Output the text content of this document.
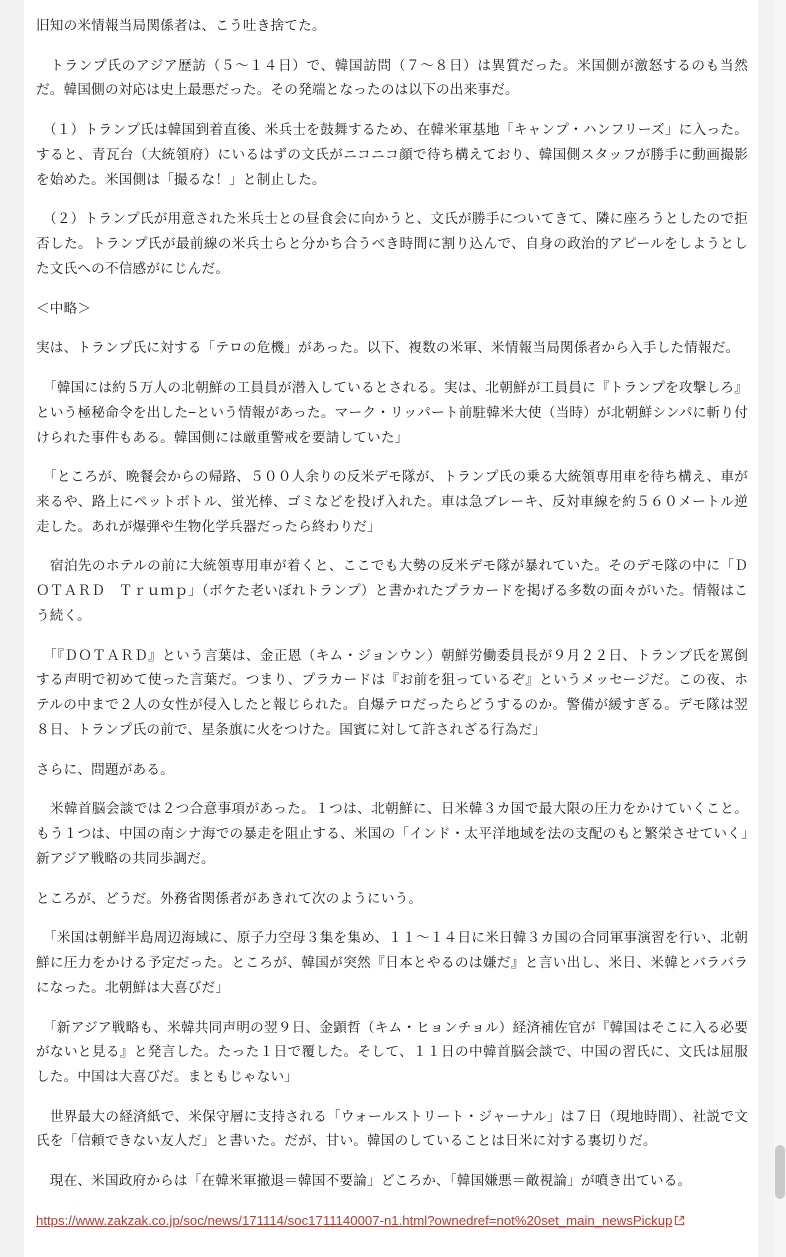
旧知の米情報当局関係者は、こう吐き捨てた。

　トランプ氏のアジア歴訪（５〜１４日）で、韓国訪問（７〜８日）は異質だった。米国側が激怒するのも当然だ。韓国側の対応は史上最悪だった。その発端となったのは以下の出来事だ。

　（１）トランプ氏は韓国到着直後、米兵士を鼓舞するため、在韓米軍基地「キャンプ・ハンフリーズ」に入った。すると、青瓦台（大統領府）にいるはずの文氏がニコニコ顔で待ち構えており、韓国側スタッフが勝手に動画撮影を始めた。米国側は「撮るな！」と制止した。

　（２）トランプ氏が用意された米兵士との昼食会に向かうと、文氏が勝手についてきて、隣に座ろうとしたので拒否した。トランプ氏が最前線の米兵士らと分かち合うべき時間に割り込んで、自身の政治的アピールをしようとした文氏への不信感がにじんだ。

＜中略＞

実は、トランプ氏に対する「テロの危機」があった。以下、複数の米軍、米情報当局関係者から入手した情報だ。

　「韓国には約５万人の北朝鮮の工員員が潜入しているとされる。実は、北朝鮮が工員員に『トランプを攻撃しろ』という極秘命令を出した−という情報があった。マーク・リッパート前駐韓米大使（当時）が北朝鮮シンパに斬り付けられた事件もある。韓国側には厳重警戒を要請していた」

　「ところが、晩餐会からの帰路、５００人余りの反米デモ隊が、トランプ氏の乗る大統領専用車を待ち構え、車が来るや、路上にペットボトル、蛍光棒、ゴミなどを投げ入れた。車は急ブレーキ、反対車線を約５６０メートル逆走した。あれが爆弾や生物化学兵器だったら終わりだ」

　宿泊先のホテルの前に大統領専用車が着くと、ここでも大勢の反米デモ隊が暴れていた。そのデモ隊の中に「ＤＯＴＡＲＤ　Ｔｒｕｍｐ」（ボケた老いぼれトランプ）と書かれたプラカードを掲げる多数の面々がいた。情報はこう続く。

　「『ＤＯＴＡＲＤ』という言葉は、金正恩（キム・ジョンウン）朝鮮労働委員長が９月２２日、トランプ氏を罵倒する声明で初めて使った言葉だ。つまり、プラカードは『お前を狙っているぞ』というメッセージだ。この夜、ホテルの中まで２人の女性が侵入したと報じられた。自爆テロだったらどうするのか。警備が緩すぎる。デモ隊は翌８日、トランプ氏の前で、星条旗に火をつけた。国賓に対して許されざる行為だ」

さらに、問題がある。

　米韓首脳会談では２つ合意事項があった。１つは、北朝鮮に、日米韓３カ国で最大限の圧力をかけていくこと。もう１つは、中国の南シナ海での暴走を阻止する、米国の「インド・太平洋地域を法の支配のもと繁栄させていく」新アジア戦略の共同歩調だ。

ところが、どうだ。外務省関係者があきれて次のようにいう。

　「米国は朝鮮半島周辺海域に、原子力空母３集を集め、１１〜１４日に米日韓３カ国の合同軍事演習を行い、北朝鮮に圧力をかける予定だった。ところが、韓国が突然『日本とやるのは嫌だ』と言い出し、米日、米韓とバラバラになった。北朝鮮は大喜びだ」

　「新アジア戦略も、米韓共同声明の翌９日、金顕哲（キム・ヒョンチョル）経済補佐官が『韓国はそこに入る必要がないと見る』と発言した。たった１日で覆した。そして、１１日の中韓首脳会談で、中国の習氏に、文氏は屈服した。中国は大喜びだ。まともじゃない」

　世界最大の経済紙で、米保守層に支持される「ウォールストリート・ジャーナル」は７日（現地時間）、社説で文氏を「信頼できない友人だ」と書いた。だが、甘い。韓国のしていることは日米に対する裏切りだ。

　現在、米国政府からは「在韓米軍撤退＝韓国不要論」どころか、「韓国嫌悪＝敵視論」が噴き出ている。

https://www.zakzak.co.jp/soc/news/171114/soc1711140007-n1.html?ownedref=not%20set_main_newsPickup
